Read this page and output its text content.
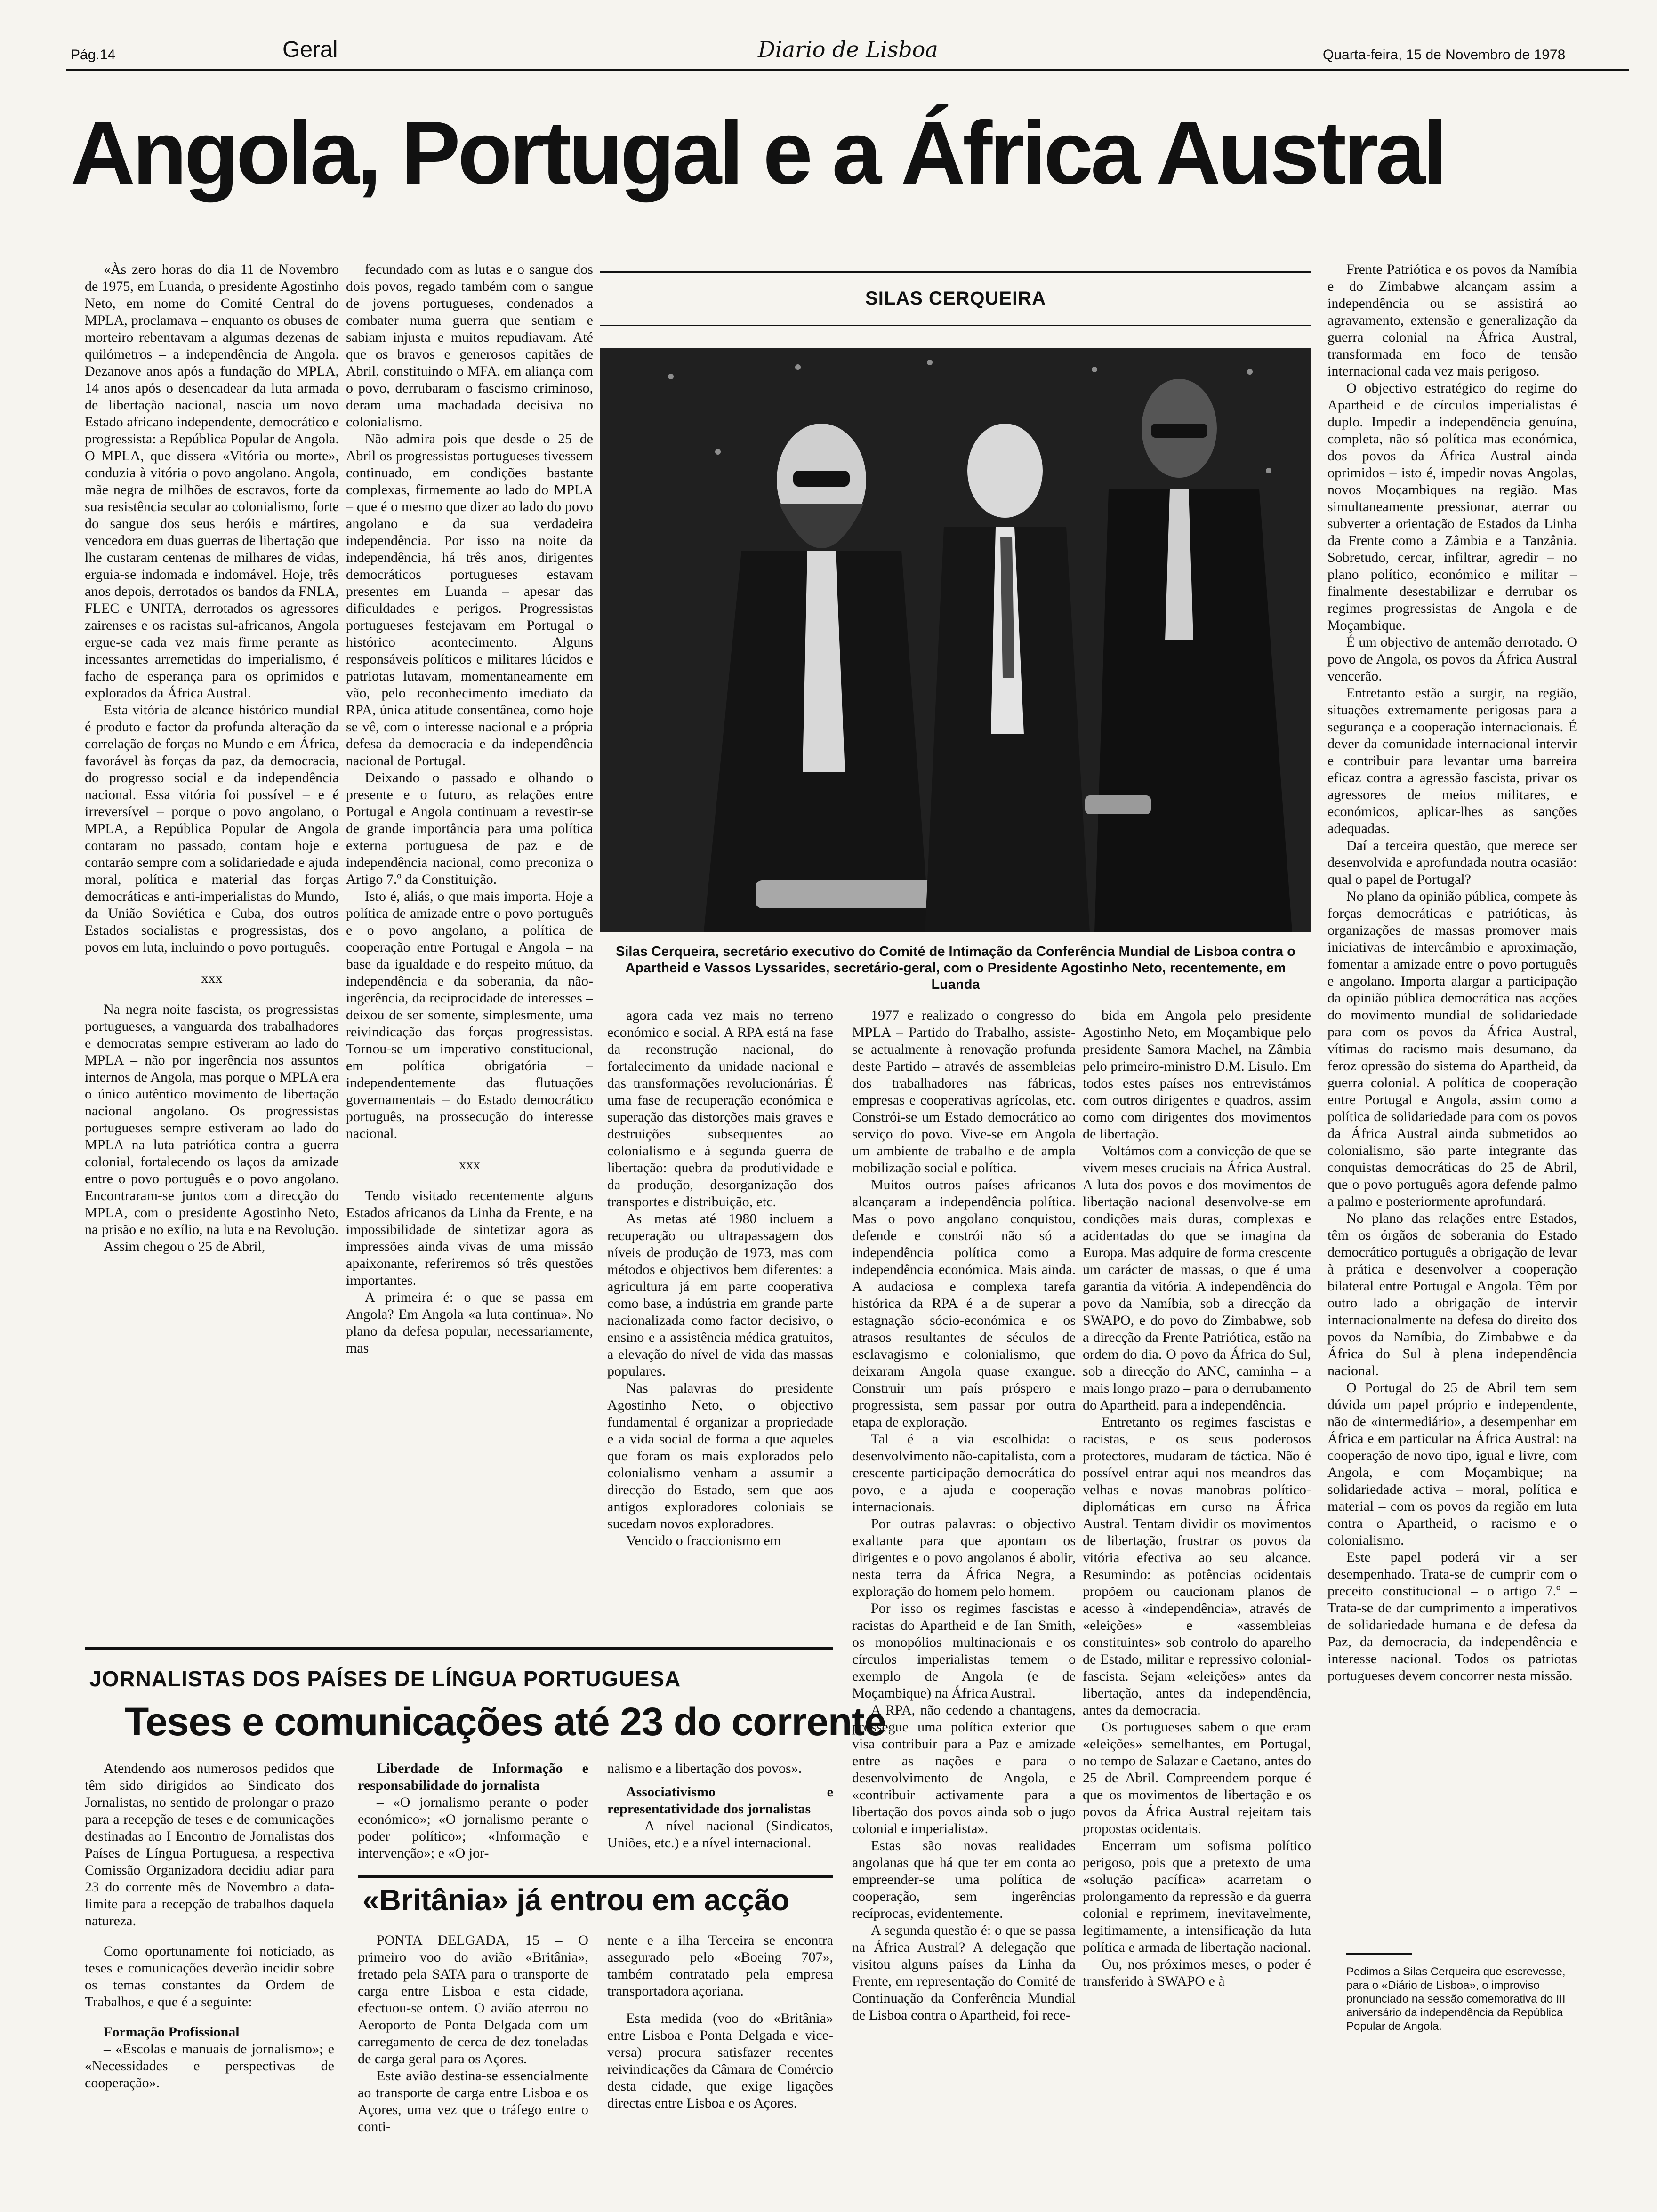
Pág.14	Geral	Diario de Lisboa	Quarta-feira, 15 de Novembro de 1978
Angola, Portugal e a África Austral

«Às zero horas do dia 11 de Novembro de 1975, em Luanda, o presidente Agostinho Neto, em nome do Comité Central do MPLA, proclamava – enquanto os obuses de morteiro rebentavam a algumas dezenas de quilómetros – a independência de Angola. Dezanove anos após a fundação do MPLA, 14 anos após o desencadear da luta armada de libertação nacional, nascia um novo Estado africano independente, democrático e progressista: a República Popular de Angola. O MPLA, que dissera «Vitória ou morte», conduzia à vitória o povo angolano. Angola, mãe negra de milhões de escravos, forte da sua resistência secular ao colonialismo, forte do sangue dos seus heróis e mártires, vencedora em duas guerras de libertação que lhe custaram centenas de milhares de vidas, erguia-se indomada e indomável. Hoje, três anos depois, derrotados os bandos da FNLA, FLEC e UNITA, derrotados os agressores zairenses e os racistas sul-africanos, Angola ergue-se cada vez mais firme perante as incessantes arremetidas do imperialismo, é facho de esperança para os oprimidos e explorados da África Austral.

Esta vitória de alcance histórico mundial é produto e factor da profunda alteração da correlação de forças no Mundo e em África, favorável às forças da paz, da democracia, do progresso social e da independência nacional. Essa vitória foi possível – e é irreversível – porque o povo angolano, o MPLA, a República Popular de Angola contaram no passado, contam hoje e contarão sempre com a solidariedade e ajuda moral, política e material das forças democráticas e anti-imperialistas do Mundo, da União Soviética e Cuba, dos outros Estados socialistas e progressistas, dos povos em luta, incluindo o povo português.

xxx

Na negra noite fascista, os progressistas portugueses, a vanguarda dos trabalhadores e democratas sempre estiveram ao lado do MPLA – não por ingerência nos assuntos internos de Angola, mas porque o MPLA era o único autêntico movimento de libertação nacional angolano. Os progressistas portugueses sempre estiveram ao lado do MPLA na luta patriótica contra a guerra colonial, fortalecendo os laços da amizade entre o povo português e o povo angolano. Encontraram-se juntos com a direcção do MPLA, com o presidente Agostinho Neto, na prisão e no exílio, na luta e na Revolução.

Assim chegou o 25 de Abril,

fecundado com as lutas e o sangue dos dois povos, regado também com o sangue de jovens portugueses, condenados a combater numa guerra que sentiam e sabiam injusta e muitos repudiavam. Até que os bravos e generosos capitães de Abril, constituindo o MFA, em aliança com o povo, derrubaram o fascismo criminoso, deram uma machadada decisiva no colonialismo.

Não admira pois que desde o 25 de Abril os progressistas portugueses tivessem continuado, em condições bastante complexas, firmemente ao lado do MPLA – que é o mesmo que dizer ao lado do povo angolano e da sua verdadeira independência. Por isso na noite da independência, há três anos, dirigentes democráticos portugueses estavam presentes em Luanda – apesar das dificuldades e perigos. Progressistas portugueses festejavam em Portugal o histórico acontecimento. Alguns responsáveis políticos e militares lúcidos e patriotas lutavam, momentaneamente em vão, pelo reconhecimento imediato da RPA, única atitude consentânea, como hoje se vê, com o interesse nacional e a própria defesa da democracia e da independência nacional de Portugal.

Deixando o passado e olhando o presente e o futuro, as relações entre Portugal e Angola continuam a revestir-se de grande importância para uma política externa portuguesa de paz e de independência nacional, como preconiza o Artigo 7.º da Constituição.

Isto é, aliás, o que mais importa. Hoje a política de amizade entre o povo português e o povo angolano, a política de cooperação entre Portugal e Angola – na base da igualdade e do respeito mútuo, da independência e da soberania, da não-ingerência, da reciprocidade de interesses – deixou de ser somente, simplesmente, uma reivindicação das forças progressistas. Tornou-se um imperativo constitucional, em política obrigatória – independentemente das flutuações governamentais – do Estado democrático português, na prossecução do interesse nacional.

xxx

Tendo visitado recentemente alguns Estados africanos da Linha da Frente, e na impossibilidade de sintetizar agora as impressões ainda vivas de uma missão apaixonante, referiremos só três questões importantes.

A primeira é: o que se passa em Angola? Em Angola «a luta continua». No plano da defesa popular, necessariamente, mas

SILAS CERQUEIRA
Silas Cerqueira, secretário executivo do Comité de Intimação da Conferência Mundial de Lisboa contra o Apartheid e Vassos Lyssarides, secretário-geral, com o Presidente Agostinho Neto, recentemente, em Luanda

agora cada vez mais no terreno económico e social. A RPA está na fase da reconstrução nacional, do fortalecimento da unidade nacional e das transformações revolucionárias. É uma fase de recuperação económica e superação das distorções mais graves e destruições subsequentes ao colonialismo e à segunda guerra de libertação: quebra da produtividade e da produção, desorganização dos transportes e distribuição, etc.

As metas até 1980 incluem a recuperação ou ultrapassagem dos níveis de produção de 1973, mas com métodos e objectivos bem diferentes: a agricultura já em parte cooperativa como base, a indústria em grande parte nacionalizada como factor decisivo, o ensino e a assistência médica gratuitos, a elevação do nível de vida das massas populares.

Nas palavras do presidente Agostinho Neto, o objectivo fundamental é organizar a propriedade e a vida social de forma a que aqueles que foram os mais explorados pelo colonialismo venham a assumir a direcção do Estado, sem que aos antigos exploradores coloniais se sucedam novos exploradores.

Vencido o fraccionismo em

1977 e realizado o congresso do MPLA – Partido do Trabalho, assiste-se actualmente à renovação profunda deste Partido – através de assembleias dos trabalhadores nas fábricas, empresas e cooperativas agrícolas, etc. Constrói-se um Estado democrático ao serviço do povo. Vive-se em Angola um ambiente de trabalho e de ampla mobilização social e política.

Muitos outros países africanos alcançaram a independência política. Mas o povo angolano conquistou, defende e constrói não só a independência política como a independência económica. Mais ainda. A audaciosa e complexa tarefa histórica da RPA é a de superar a estagnação sócio-económica e os atrasos resultantes de séculos de esclavagismo e colonialismo, que deixaram Angola quase exangue. Construir um país próspero e progressista, sem passar por outra etapa de exploração.

Tal é a via escolhida: o desenvolvimento não-capitalista, com a crescente participação democrática do povo, e a ajuda e cooperação internacionais.

Por outras palavras: o objectivo exaltante para que apontam os dirigentes e o povo angolanos é abolir, nesta terra da África Negra, a exploração do homem pelo homem.

Por isso os regimes fascistas e racistas do Apartheid e de Ian Smith, os monopólios multinacionais e os círculos imperialistas temem o exemplo de Angola (e de Moçambique) na África Austral.

A RPA, não cedendo a chantagens, prossegue uma política exterior que visa contribuir para a Paz e amizade entre as nações e para o desenvolvimento de Angola, e «contribuir activamente para a libertação dos povos ainda sob o jugo colonial e imperialista».

Estas são novas realidades angolanas que há que ter em conta ao empreender-se uma política de cooperação, sem ingerências recíprocas, evidentemente.

A segunda questão é: o que se passa na África Austral? A delegação que visitou alguns países da Linha da Frente, em representação do Comité de Continuação da Conferência Mundial de Lisboa contra o Apartheid, foi rece-

bida em Angola pelo presidente Agostinho Neto, em Moçambique pelo presidente Samora Machel, na Zâmbia pelo primeiro-ministro D.M. Lisulo. Em todos estes países nos entrevistámos com outros dirigentes e quadros, assim como com dirigentes dos movimentos de libertação.

Voltámos com a convicção de que se vivem meses cruciais na África Austral. A luta dos povos e dos movimentos de libertação nacional desenvolve-se em condições mais duras, complexas e acidentadas do que se imagina da Europa. Mas adquire de forma crescente um carácter de massas, o que é uma garantia da vitória. A independência do povo da Namíbia, sob a direcção da SWAPO, e do povo do Zimbabwe, sob a direcção da Frente Patriótica, estão na ordem do dia. O povo da África do Sul, sob a direcção do ANC, caminha – a mais longo prazo – para o derrubamento do Apartheid, para a independência.

Entretanto os regimes fascistas e racistas, e os seus poderosos protectores, mudaram de táctica. Não é possível entrar aqui nos meandros das velhas e novas manobras político-diplomáticas em curso na África Austral. Tentam dividir os movimentos de libertação, frustrar os povos da vitória efectiva ao seu alcance. Resumindo: as potências ocidentais propõem ou caucionam planos de acesso à «independência», através de «eleições» e «assembleias constituintes» sob controlo do aparelho de Estado, militar e repressivo colonial-fascista. Sejam «eleições» antes da libertação, antes da independência, antes da democracia.

Os portugueses sabem o que eram «eleições» semelhantes, em Portugal, no tempo de Salazar e Caetano, antes do 25 de Abril. Compreendem porque é que os movimentos de libertação e os povos da África Austral rejeitam tais propostas ocidentais.

Encerram um sofisma político perigoso, pois que a pretexto de uma «solução pacífica» acarretam o prolongamento da repressão e da guerra colonial e reprimem, inevitavelmente, legitimamente, a intensificação da luta política e armada de libertação nacional.

Ou, nos próximos meses, o poder é transferido à SWAPO e à

Frente Patriótica e os povos da Namíbia e do Zimbabwe alcançam assim a independência ou se assistirá ao agravamento, extensão e generalização da guerra colonial na África Austral, transformada em foco de tensão internacional cada vez mais perigoso.

O objectivo estratégico do regime do Apartheid e de círculos imperialistas é duplo. Impedir a independência genuína, completa, não só política mas económica, dos povos da África Austral ainda oprimidos – isto é, impedir novas Angolas, novos Moçambiques na região. Mas simultaneamente pressionar, aterrar ou subverter a orientação de Estados da Linha da Frente como a Zâmbia e a Tanzânia. Sobretudo, cercar, infiltrar, agredir – no plano político, económico e militar – finalmente desestabilizar e derrubar os regimes progressistas de Angola e de Moçambique.

É um objectivo de antemão derrotado. O povo de Angola, os povos da África Austral vencerão.

Entretanto estão a surgir, na região, situações extremamente perigosas para a segurança e a cooperação internacionais. É dever da comunidade internacional intervir e contribuir para levantar uma barreira eficaz contra a agressão fascista, privar os agressores de meios militares, e económicos, aplicar-lhes as sanções adequadas.

Daí a terceira questão, que merece ser desenvolvida e aprofundada noutra ocasião: qual o papel de Portugal?

No plano da opinião pública, compete às forças democráticas e patrióticas, às organizações de massas promover mais iniciativas de intercâmbio e aproximação, fomentar a amizade entre o povo português e angolano. Importa alargar a participação da opinião pública democrática nas acções do movimento mundial de solidariedade para com os povos da África Austral, vítimas do racismo mais desumano, da feroz opressão do sistema do Apartheid, da guerra colonial. A política de cooperação entre Portugal e Angola, assim como a política de solidariedade para com os povos da África Austral ainda submetidos ao colonialismo, são parte integrante das conquistas democráticas do 25 de Abril, que o povo português agora defende palmo a palmo e posteriormente aprofundará.

No plano das relações entre Estados, têm os órgãos de soberania do Estado democrático português a obrigação de levar à prática e desenvolver a cooperação bilateral entre Portugal e Angola. Têm por outro lado a obrigação de intervir internacionalmente na defesa do direito dos povos da Namíbia, do Zimbabwe e da África do Sul à plena independência nacional.

O Portugal do 25 de Abril tem sem dúvida um papel próprio e independente, não de «intermediário», a desempenhar em África e em particular na África Austral: na cooperação de novo tipo, igual e livre, com Angola, e com Moçambique; na solidariedade activa – moral, política e material – com os povos da região em luta contra o Apartheid, o racismo e o colonialismo.

Este papel poderá vir a ser desempenhado. Trata-se de cumprir com o preceito constitucional – o artigo 7.º – Trata-se de dar cumprimento a imperativos de solidariedade humana e de defesa da Paz, da democracia, da independência e interesse nacional. Todos os patriotas portugueses devem concorrer nesta missão.

Pedimos a Silas Cerqueira que escrevesse, para o «Diário de Lisboa», o improviso pronunciado na sessão comemorativa do III aniversário da independência da República Popular de Angola.
JORNALISTAS DOS PAÍSES DE LÍNGUA PORTUGUESA
Teses e comunicações até 23 do corrente

Atendendo aos numerosos pedidos que têm sido dirigidos ao Sindicato dos Jornalistas, no sentido de prolongar o prazo para a recepção de teses e de comunicações destinadas ao I Encontro de Jornalistas dos Países de Língua Portuguesa, a respectiva Comissão Organizadora decidiu adiar para 23 do corrente mês de Novembro a data-limite para a recepção de trabalhos daquela natureza.

Como oportunamente foi noticiado, as teses e comunicações deverão incidir sobre os temas constantes da Ordem de Trabalhos, e que é a seguinte:

Formação Profissional

– «Escolas e manuais de jornalismo»; e «Necessidades e perspectivas de cooperação».

Liberdade de Informação e responsabilidade do jornalista

– «O jornalismo perante o poder económico»; «O jornalismo perante o poder político»; «Informação e intervenção»; e «O jor-

nalismo e a libertação dos povos».

Associativismo e representatividade dos jornalistas

– A nível nacional (Sindicatos, Uniões, etc.) e a nível internacional.

«Britânia» já entrou em acção

PONTA DELGADA, 15 – O primeiro voo do avião «Britânia», fretado pela SATA para o transporte de carga entre Lisboa e esta cidade, efectuou-se ontem. O avião aterrou no Aeroporto de Ponta Delgada com um carregamento de cerca de dez toneladas de carga geral para os Açores.

Este avião destina-se essencialmente ao transporte de carga entre Lisboa e os Açores, uma vez que o tráfego entre o conti-

nente e a ilha Terceira se encontra assegurado pelo «Boeing 707», também contratado pela empresa transportadora açoriana.

Esta medida (voo do «Britânia» entre Lisboa e Ponta Delgada e vice-versa) procura satisfazer recentes reivindicações da Câmara de Comércio desta cidade, que exige ligações directas entre Lisboa e os Açores.
